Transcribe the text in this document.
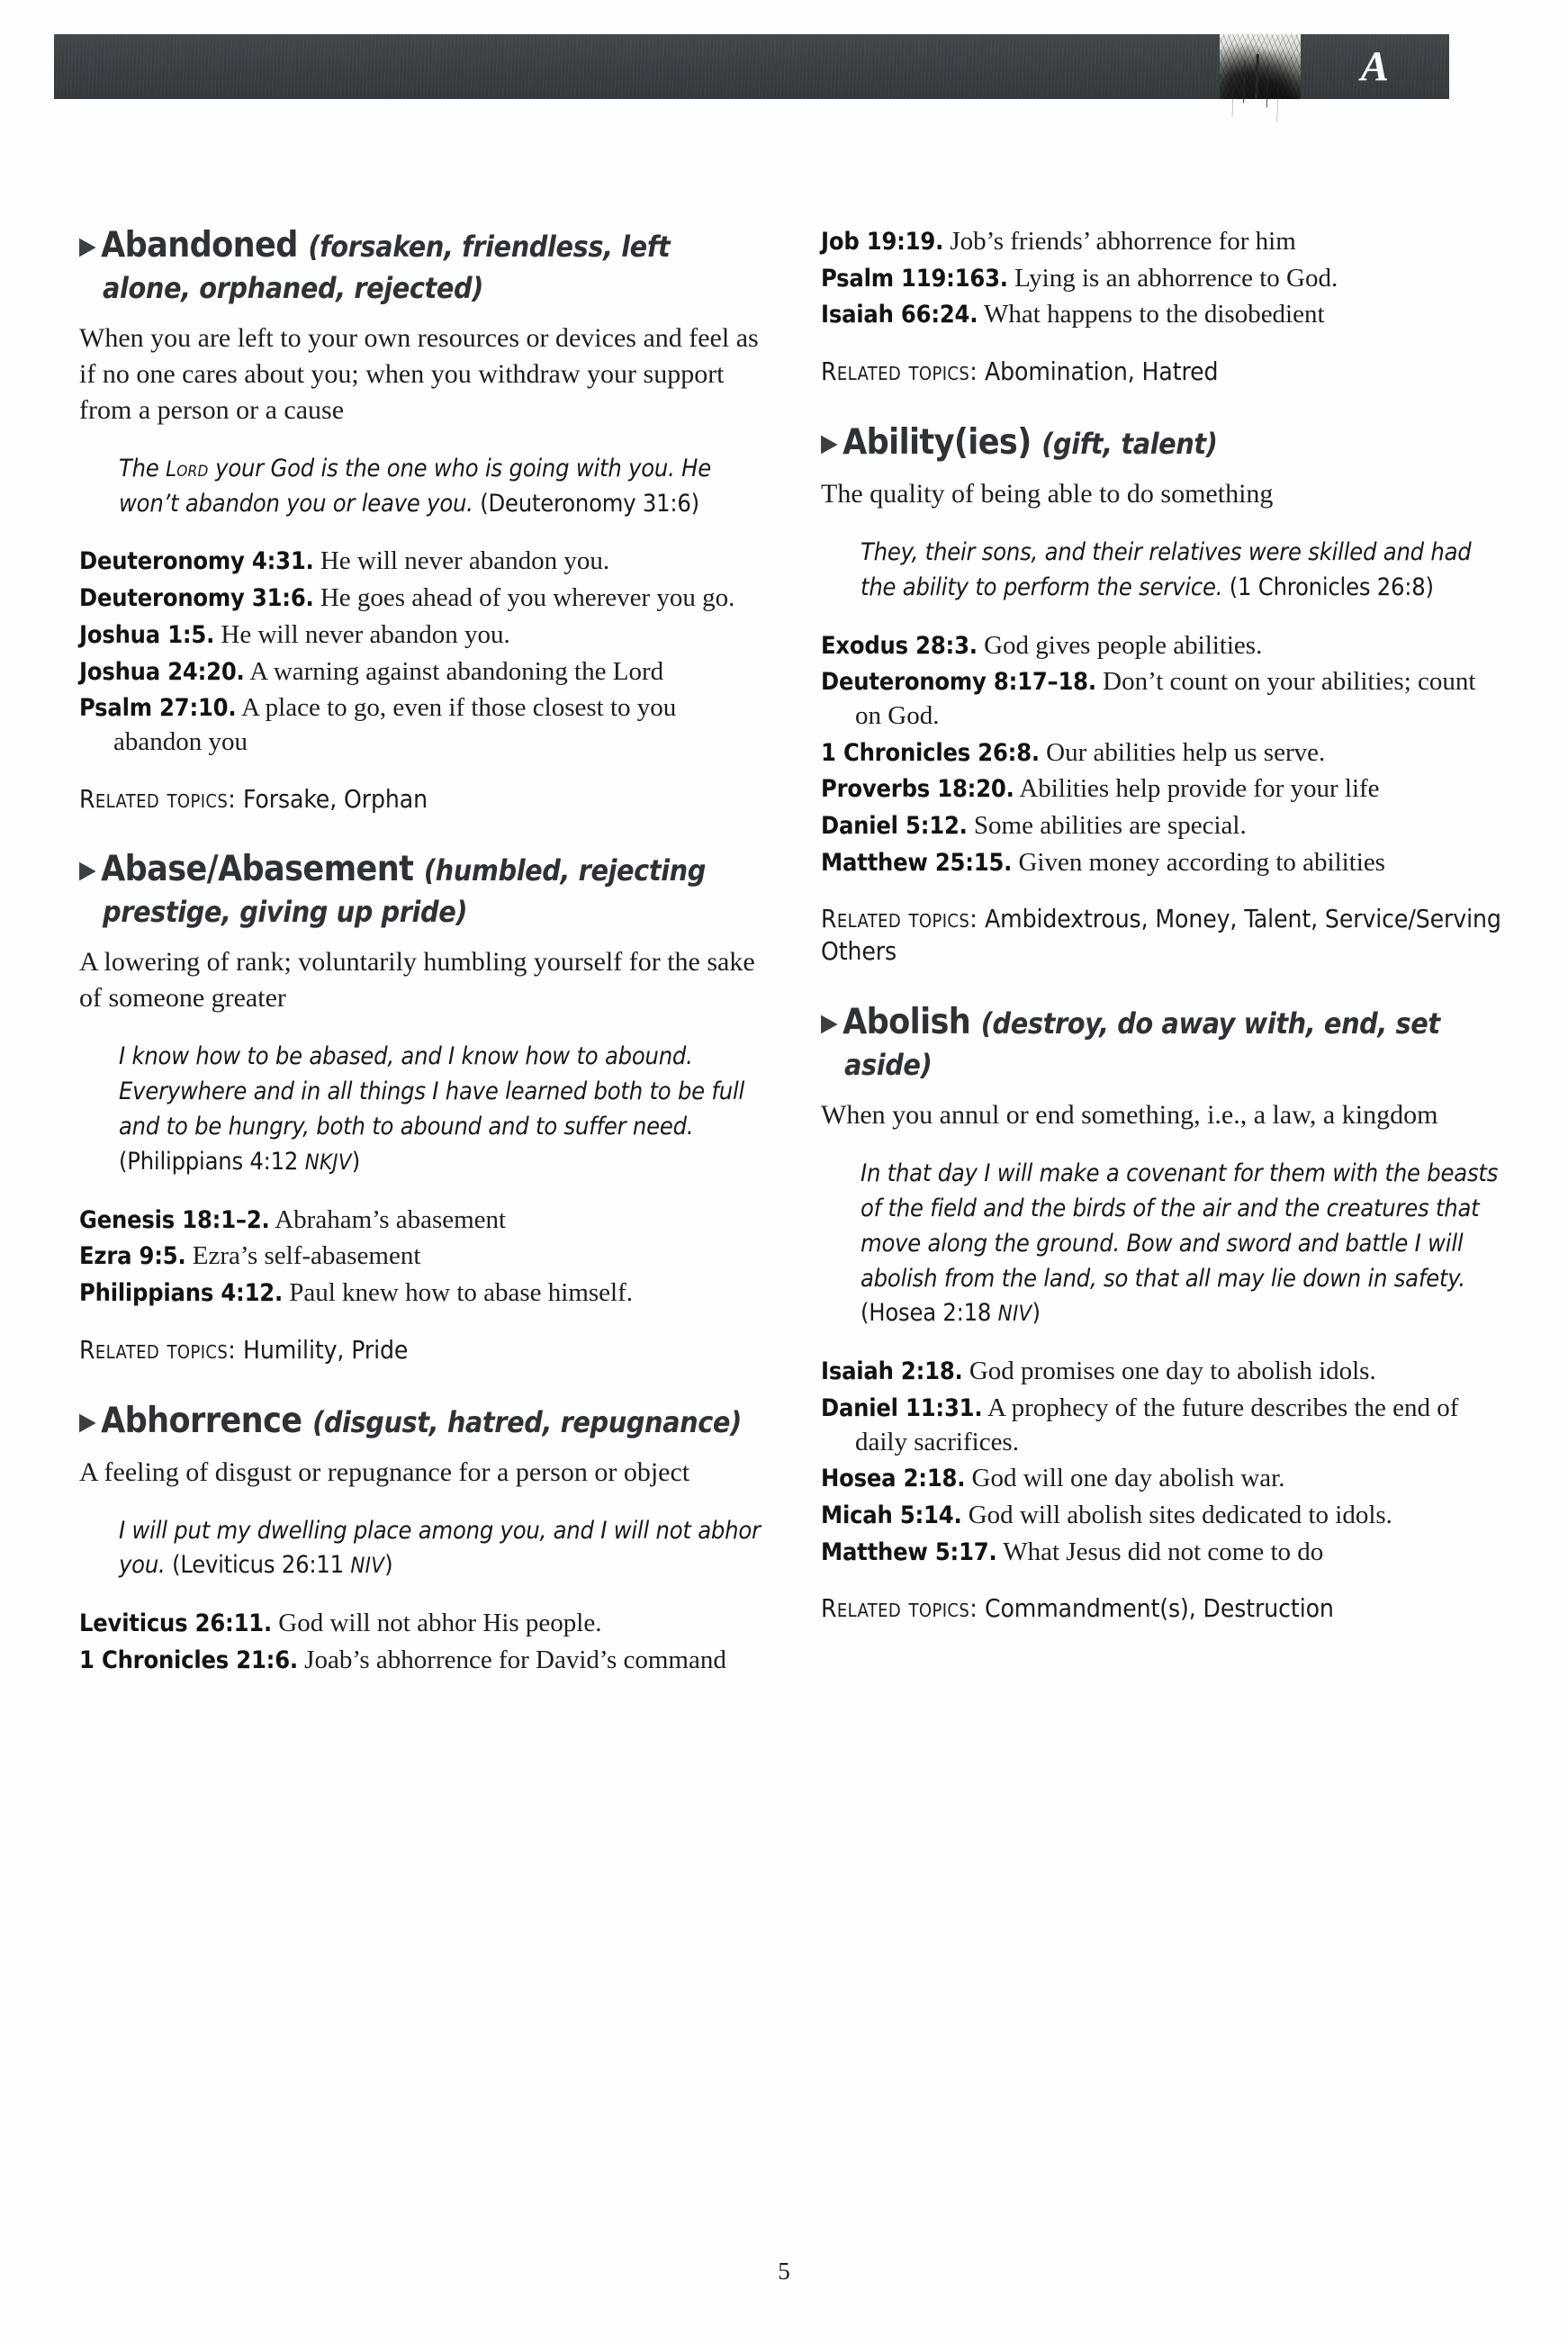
A
▶ Abandoned (forsaken, friendless, left alone, orphaned, rejected)

When you are left to your own resources or devices and feel as if no one cares about you; when you withdraw your support from a person or a cause

The Lord your God is the one who is going with you. He won’t abandon you or leave you. (Deuteronomy 31:6)

Deuteronomy 4:31. He will never abandon you.

Deuteronomy 31:6. He goes ahead of you wherever you go.

Joshua 1:5. He will never abandon you.

Joshua 24:20. A warning against abandoning the Lord

Psalm 27:10. A place to go, even if those closest to you abandon you

Related topics: Forsake, Orphan

▶ Abase/Abasement (humbled, rejecting prestige, giving up pride)

A lowering of rank; voluntarily humbling yourself for the sake of someone greater

I know how to be abased, and I know how to abound. Everywhere and in all things I have learned both to be full and to be hungry, both to abound and to suffer need. (Philippians 4:12 NKJV)

Genesis 18:1–2. Abraham’s abasement

Ezra 9:5. Ezra’s self-abasement

Philippians 4:12. Paul knew how to abase himself.

Related topics: Humility, Pride

▶ Abhorrence (disgust, hatred, repugnance)

A feeling of disgust or repugnance for a person or object

I will put my dwelling place among you, and I will not abhor you. (Leviticus 26:11 NIV)

Leviticus 26:11. God will not abhor His people.

1 Chronicles 21:6. Joab’s abhorrence for David’s command

Job 19:19. Job’s friends’ abhorrence for him

Psalm 119:163. Lying is an abhorrence to God.

Isaiah 66:24. What happens to the disobedient

Related topics: Abomination, Hatred

▶ Ability(ies) (gift, talent)

The quality of being able to do something

They, their sons, and their relatives were skilled and had the ability to perform the service. (1 Chronicles 26:8)

Exodus 28:3. God gives people abilities.

Deuteronomy 8:17–18. Don’t count on your abilities; count on God.

1 Chronicles 26:8. Our abilities help us serve.

Proverbs 18:20. Abilities help provide for your life

Daniel 5:12. Some abilities are special.

Matthew 25:15. Given money according to abilities

Related topics: Ambidextrous, Money, Talent, Service/Serving Others

▶ Abolish (destroy, do away with, end, set aside)

When you annul or end something, i.e., a law, a kingdom

In that day I will make a covenant for them with the beasts of the field and the birds of the air and the creatures that move along the ground. Bow and sword and battle I will abolish from the land, so that all may lie down in safety. (Hosea 2:18 NIV)

Isaiah 2:18. God promises one day to abolish idols.

Daniel 11:31. A prophecy of the future describes the end of daily sacrifices.

Hosea 2:18. God will one day abolish war.

Micah 5:14. God will abolish sites dedicated to idols.

Matthew 5:17. What Jesus did not come to do

Related topics: Commandment(s), Destruction

5
